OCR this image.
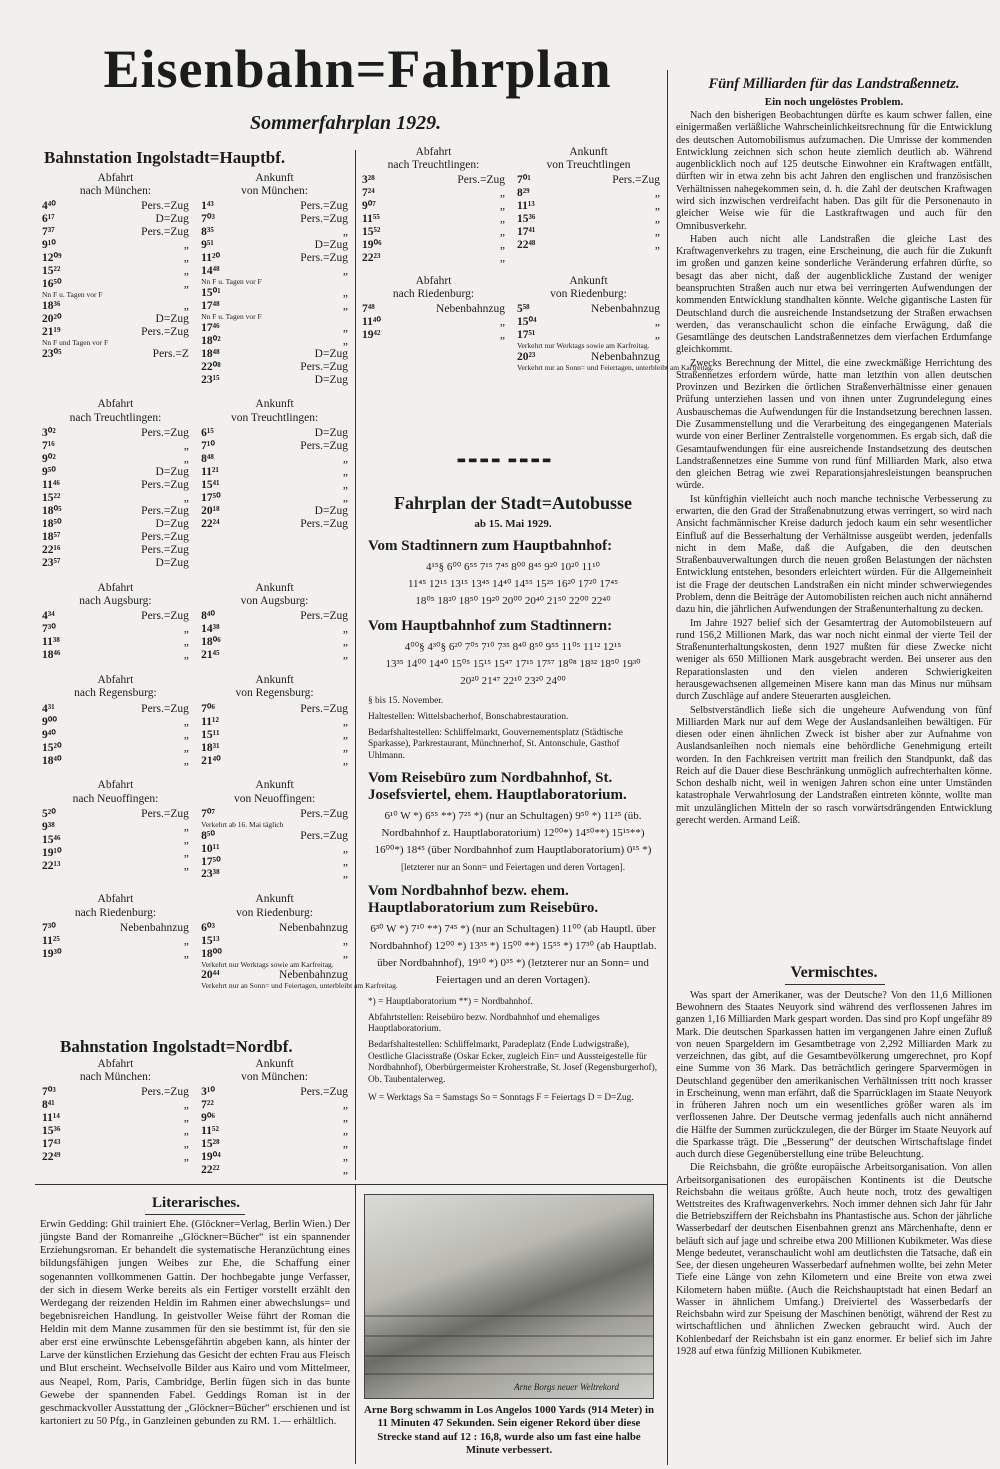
Eisenbahn=Fahrplan
Sommerfahrplan 1929.
Bahnstation Ingolstadt=Hauptbf.
Abfahrt
nach München:
4⁴⁰	Pers.=Zug
6¹⁷	D=Zug
7³⁷	Pers.=Zug
9¹⁰	„
12⁰⁹	„
15²²	„
16⁵⁰	„
Nn F u. Tagen vor F
18³⁶	„
20²⁰	D=Zug
21¹⁹	Pers.=Zug
Nn F und Tagen vor F
23⁰⁵	Pers.=Z
Ankunft
von München:
1⁴³	Pers.=Zug
7⁰³	Pers.=Zug
8³⁵	„
9⁵¹	D=Zug
11²⁰	Pers.=Zug
14⁴⁸	„
Nn F u. Tagen vor F
15⁰¹	„
17⁴⁸	„
Nn F u. Tagen vor F
17⁴⁶	„
18⁰²	„
18⁴⁸	D=Zug
22⁰⁸	Pers.=Zug
23¹⁵	D=Zug
Abfahrt
nach Treuchtlingen:
3⁰²	Pers.=Zug
7¹⁶	„
9⁰²	„
9⁵⁰	D=Zug
11⁴⁶	Pers.=Zug
15²²	„
18⁰⁵	Pers.=Zug
18⁵⁰	D=Zug
18⁵⁷	Pers.=Zug
22¹⁶	Pers.=Zug
23⁵⁷	D=Zug
Ankunft
von Treuchtlingen:
6¹⁵	D=Zug
7¹⁰	Pers.=Zug
8⁴⁸	„
11²¹	„
15⁴¹	„
17⁵⁰	„
20¹⁸	D=Zug
22²⁴	Pers.=Zug
Abfahrt
nach Augsburg:
4³⁴	Pers.=Zug
7³⁰	„
11³⁸	„
18⁴⁶	„
Ankunft
von Augsburg:
8⁴⁰	Pers.=Zug
14³⁸	„
18⁰⁶	„
21⁴⁵	„
Abfahrt
nach Regensburg:
4³¹	Pers.=Zug
9⁰⁰	„
9⁴⁰	„
15²⁰	„
18⁴⁰	„
Ankunft
von Regensburg:
7⁰⁶	Pers.=Zug
11¹²	„
15¹¹	„
18³¹	„
21⁴⁰	„
Abfahrt
nach Neuoffingen:
5²⁰	Pers.=Zug
9³⁸	„
15⁴⁶	„
19¹⁰	„
22¹³	„
Ankunft
von Neuoffingen:
7⁰⁷	Pers.=Zug
Verkehrt ab 16. Mai täglich
8⁵⁰	Pers.=Zug
10¹¹	„
17⁵⁰	„
23³⁸	„
Abfahrt
nach Riedenburg:
7³⁰	Nebenbahnzug
11²⁵	„
19³⁰	„
Ankunft
von Riedenburg:
6⁰³	Nebenbahnzug
15¹³	„
18⁰⁰	„
Verkehrt nur Werktags sowie am Karfreitag.
20⁴⁴	Nebenbahnzug
Verkehrt nur an Sonn= und Feiertagen, unterbleibt am Karfreitag.
Bahnstation Ingolstadt=Nordbf.
Abfahrt
nach München:
7⁰³	Pers.=Zug
8⁴¹	„
11¹⁴	„
15³⁶	„
17⁴³	„
22⁴⁹	„
Ankunft
von München:
3¹⁰	Pers.=Zug
7²²	„
9⁰⁶	„
11⁵²	„
15²⁸	„
19⁰⁴	„
22²²	„
Abfahrt
nach Treuchtlingen:
3²⁸	Pers.=Zug
7²⁴	„
9⁰⁷	„
11⁵⁵	„
15⁵²	„
19⁰⁶	„
22²³	„
Ankunft
von Treuchtlingen
7⁰¹	Pers.=Zug
8²⁹	„
11¹³	„
15³⁶	„
17⁴¹	„
22⁴⁸	„
Abfahrt
nach Riedenburg:
7⁴⁸	Nebenbahnzug
11⁴⁰	„
19⁴²	„
Ankunft
von Riedenburg:
5⁵⁸	Nebenbahnzug
15⁰⁴	„
17⁵¹	„
Verkehrt nur Werktags sowie am Karfreitag.
20²³	Nebenbahnzug
Verkehrt nur an Sonn= und Feiertagen, unterbleibt am Karfreitag.
▬▬▬▬ ▬▬▬▬
Fahrplan der Stadt=Autobusse
ab 15. Mai 1929.
Vom Stadtinnern zum Hauptbahnhof:
4¹⁵§ 6⁰⁰ 6⁵⁵ 7¹⁵ 7⁴⁵ 8⁰⁰ 8⁴⁵ 9²⁰ 10²⁰ 11¹⁰
11⁴⁵ 12¹⁵ 13¹⁵ 13⁴⁵ 14⁴⁰ 14⁵⁵ 15²⁵ 16²⁰ 17²⁰ 17⁴⁵
18⁰⁵ 18²⁰ 18⁵⁰ 19²⁰ 20⁰⁰ 20⁴⁰ 21⁵⁰ 22⁰⁰ 22⁴⁰
Vom Hauptbahnhof zum Stadtinnern:
4⁰⁰§ 4³⁰§ 6²⁰ 7⁰⁵ 7¹⁰ 7³⁵ 8⁴⁰ 8⁵⁰ 9⁵⁵ 11⁰⁵ 11¹² 12¹⁵
13³⁵ 14⁰⁰ 14⁴⁰ 15⁰⁵ 15¹⁵ 15⁴⁷ 17¹⁵ 17⁵⁷ 18⁰⁸ 18³² 18⁵⁰ 19³⁰
20²⁰ 21⁴⁷ 22¹⁰ 23²⁰ 24⁰⁰
§ bis 15. November.
Haltestellen: Wittelsbacherhof, Bonschabrestauration.
Bedarfshaltestellen: Schliffelmarkt, Gouvernementsplatz (Städtische Sparkasse), Parkrestaurant, Münchnerhof, St. Antonschule, Gasthof Uhlmann.
Vom Reisebüro zum Nordbahnhof, St. Josefsviertel, ehem. Hauptlaboratorium.
6¹⁰ W *) 6⁵⁵ **) 7²⁵ *) (nur an Schultagen) 9⁵⁰ *) 11²⁵ (üb. Nordbahnhof z. Hauptlaboratorium) 12⁰⁰*) 14⁵⁰**) 15¹⁵**) 16⁰⁰*) 18⁴⁵ (über Nordbahnhof zum Hauptlaboratorium) 0¹⁵ *)
[letzterer nur an Sonn= und Feiertagen und deren Vortagen].
Vom Nordbahnhof bezw. ehem. Hauptlaboratorium zum Reisebüro.
6³⁰ W *) 7¹⁰ **) 7⁴⁵ *) (nur an Schultagen) 11⁰⁰ (ab Hauptl. über Nordbahnhof) 12⁰⁰ *) 13³⁵ *) 15⁰⁰ **) 15⁵⁵ *) 17³⁰ (ab Hauptlab. über Nordbahnhof), 19¹⁰ *) 0³⁵ *) (letzterer nur an Sonn= und Feiertagen und an deren Vortagen).
*) = Hauptlaboratorium **) = Nordbahnhof.
Abfahrtstellen: Reisebüro bezw. Nordbahnhof und ehemaliges Hauptlaboratorium.
Bedarfshaltestellen: Schliffelmarkt, Paradeplatz (Ende Ludwigstraße), Oestliche Glacisstraße (Oskar Ecker, zugleich Ein= und Aussteigestelle für Nordbahnhof), Oberbürgermeister Kroherstraße, St. Josef (Regensburgerhof), Ob. Taubentalerweg.
W = Werktags Sa = Samstags So = Sonntags F = Feiertags D = D=Zug.
Literarisches.

Erwin Gedding: Ghil trainiert Ehe. (Glöckner=Verlag, Berlin Wien.) Der jüngste Band der Romanreihe „Glöckner=Bücher“ ist ein spannender Erziehungsroman. Er behandelt die systematische Heranzüchtung eines bildungsfähigen jungen Weibes zur Ehe, die Schaffung einer sogenannten vollkommenen Gattin. Der hochbegabte junge Verfasser, der sich in diesem Werke bereits als ein Fertiger vorstellt erzählt den Werdegang der reizenden Heldin im Rahmen einer abwechslungs= und begebnisreichen Handlung. In geistvoller Weise führt der Roman die Heldin mit dem Manne zusammen für den sie bestimmt ist, für den sie aber erst eine erwünschte Lebensgefährtin abgeben kann, als hinter der Larve der künstlichen Erziehung das Gesicht der echten Frau aus Fleisch und Blut erscheint. Wechselvolle Bilder aus Kairo und vom Mittelmeer, aus Neapel, Rom, Paris, Cambridge, Berlin fügen sich in das bunte Gewebe der spannenden Fabel. Geddings Roman ist in der geschmackvoller Ausstattung der „Glöckner=Bücher“ erschienen und ist kartoniert zu 50 Pfg., in Ganzleinen gebunden zu RM. 1.— erhältlich.

Arne Borgs neuer Weltrekord

Arne Borg schwamm in Los Angelos 1000 Yards (914 Meter) in 11 Minuten 47 Sekunden. Sein eigener Rekord über diese Strecke stand auf 12 : 16,8, wurde also um fast eine halbe Minute verbessert.

Fünf Milliarden für das Landstraßennetz.
Ein noch ungelöstes Problem.

Nach den bisherigen Beobachtungen dürfte es kaum schwer fallen, eine einigermaßen verläßliche Wahrscheinlichkeitsrechnung für die Entwicklung des deutschen Automobilismus aufzumachen. Die Umrisse der kommenden Entwicklung zeichnen sich schon heute ziemlich deutlich ab. Während augenblicklich noch auf 125 deutsche Einwohner ein Kraftwagen entfällt, dürften wir in etwa zehn bis acht Jahren den englischen und französischen Verhältnissen nahegekommen sein, d. h. die Zahl der deutschen Kraftwagen wird sich inzwischen verdreifacht haben. Das gilt für die Personenauto in gleicher Weise wie für die Lastkraftwagen und auch für den Omnibusverkehr.

Haben auch nicht alle Landstraßen die gleiche Last des Kraftwagenverkehrs zu tragen, eine Erscheinung, die auch für die Zukunft im großen und ganzen keine sonderliche Veränderung erfahren dürfte, so besagt das aber nicht, daß der augenblickliche Zustand der weniger beanspruchten Straßen auch nur etwa bei verringerten Aufwendungen der kommenden Entwicklung standhalten könnte. Welche gigantische Lasten für Deutschland durch die ausreichende Instandsetzung der Straßen erwachsen werden, das veranschaulicht schon die einfache Erwägung, daß die Gesamtlänge des deutschen Landstraßennetzes dem vierfachen Erdumfange gleichkommt.

Zwecks Berechnung der Mittel, die eine zweckmäßige Herrichtung des Straßennetzes erfordern würde, hatte man letzthin von allen deutschen Provinzen und Bezirken die örtlichen Straßenverhältnisse einer genauen Prüfung unterziehen lassen und von ihnen unter Zugrundelegung eines Ausbauschemas die Aufwendungen für die Instandsetzung berechnen lassen. Die Zusammenstellung und die Verarbeitung des eingegangenen Materials wurde von einer Berliner Zentralstelle vorgenommen. Es ergab sich, daß die Gesamtaufwendungen für eine ausreichende Instandsetzung des deutschen Landstraßennetzes eine Summe von rund fünf Milliarden Mark, also etwa den gleichen Betrag wie zwei Reparationsjahresleistungen beanspruchen würde.

Ist künftighin vielleicht auch noch manche technische Verbesserung zu erwarten, die den Grad der Straßenabnutzung etwas verringert, so wird nach Ansicht fachmännischer Kreise dadurch jedoch kaum ein sehr wesentlicher Einfluß auf die Besserhaltung der Verhältnisse ausgeübt werden, jedenfalls nicht in dem Maße, daß die Aufgaben, die den deutschen Straßenbauverwaltungen durch die neuen großen Belastungen der nächsten Entwicklung entstehen, besonders erleichtert würden. Für die Allgemeinheit ist die Frage der deutschen Landstraßen ein nicht minder schwerwiegendes Problem, denn die Beiträge der Automobilisten reichen auch nicht annähernd dazu hin, die jährlichen Aufwendungen der Straßenunterhaltung zu decken.

Im Jahre 1927 belief sich der Gesamtertrag der Automobilsteuern auf rund 156,2 Millionen Mark, das war noch nicht einmal der vierte Teil der Straßenunterhaltungskosten, denn 1927 mußten für diese Zwecke nicht weniger als 650 Millionen Mark ausgebracht werden. Bei unserer aus den Reparationslasten und den vielen anderen Schwierigkeiten herausgewachsenen allgemeinen Misere kann man das Minus nur mühsam durch Zuschläge auf andere Steuerarten ausgleichen.

Selbstverständlich ließe sich die ungeheure Aufwendung von fünf Milliarden Mark nur auf dem Wege der Auslandsanleihen bewältigen. Für diesen oder einen ähnlichen Zweck ist bisher aber zur Aufnahme von Auslandsanleihen noch niemals eine behördliche Genehmigung erteilt worden. In den Fachkreisen vertritt man freilich den Standpunkt, daß das Reich auf die Dauer diese Beschränkung unmöglich aufrechterhalten könne. Schon deshalb nicht, weil in wenigen Jahren schon eine unter Umständen katastrophale Verwahrlosung der Landstraßen eintreten könnte, wollte man mit unzulänglichen Mitteln der so rasch vorwärtsdrängenden Entwicklung gerecht werden. Armand Leiß.

Vermischtes.

Was spart der Amerikaner, was der Deutsche? Von den 11,6 Millionen Bewohnern des Staates Neuyork sind während des verflossenen Jahres im ganzen 1,16 Milliarden Mark gespart worden. Das sind pro Kopf ungefähr 89 Mark. Die deutschen Sparkassen hatten im vergangenen Jahre einen Zufluß von neuen Spargeldern im Gesamtbetrage von 2,292 Milliarden Mark zu verzeichnen, das gibt, auf die Gesamtbevölkerung umgerechnet, pro Kopf eine Summe von 36 Mark. Das beträchtlich geringere Sparvermögen in Deutschland gegenüber den amerikanischen Verhältnissen tritt noch krasser in Erscheinung, wenn man erfährt, daß die Sparrücklagen im Staate Neuyork in früheren Jahren noch um ein wesentliches größer waren als im verflossenen Jahre. Der Deutsche vermag jedenfalls auch nicht annähernd die Hälfte der Summen zurückzulegen, die der Bürger im Staate Neuyork auf die Sparkasse trägt. Die „Besserung“ der deutschen Wirtschaftslage findet auch durch diese Gegenüberstellung eine trübe Beleuchtung.

Die Reichsbahn, die größte europäische Arbeitsorganisation. Von allen Arbeitsorganisationen des europäischen Kontinents ist die Deutsche Reichsbahn die weitaus größte. Auch heute noch, trotz des gewaltigen Wettstreites des Kraftwagenverkehrs. Noch immer dehnen sich Jahr für Jahr die Betriebsziffern der Reichsbahn ins Phantastische aus. Schon der jährliche Wasserbedarf der deutschen Eisenbahnen grenzt ans Märchenhafte, denn er beläuft sich auf jage und schreibe etwa 200 Millionen Kubikmeter. Was diese Menge bedeutet, veranschaulicht wohl am deutlichsten die Tatsache, daß ein See, der diesen ungeheuren Wasserbedarf aufnehmen wollte, bei zehn Meter Tiefe eine Länge von zehn Kilometern und eine Breite von etwa zwei Kilometern haben müßte. (Auch die Reichshauptstadt hat einen Bedarf an Wasser in ähnlichem Umfang.) Dreiviertel des Wasserbedarfs der Reichsbahn wird zur Speisung der Maschinen benötigt, während der Rest zu wirtschaftlichen und ähnlichen Zwecken gebraucht wird. Auch der Kohlenbedarf der Reichsbahn ist ein ganz enormer. Er belief sich im Jahre 1928 auf etwa fünfzig Millionen Kubikmeter.
